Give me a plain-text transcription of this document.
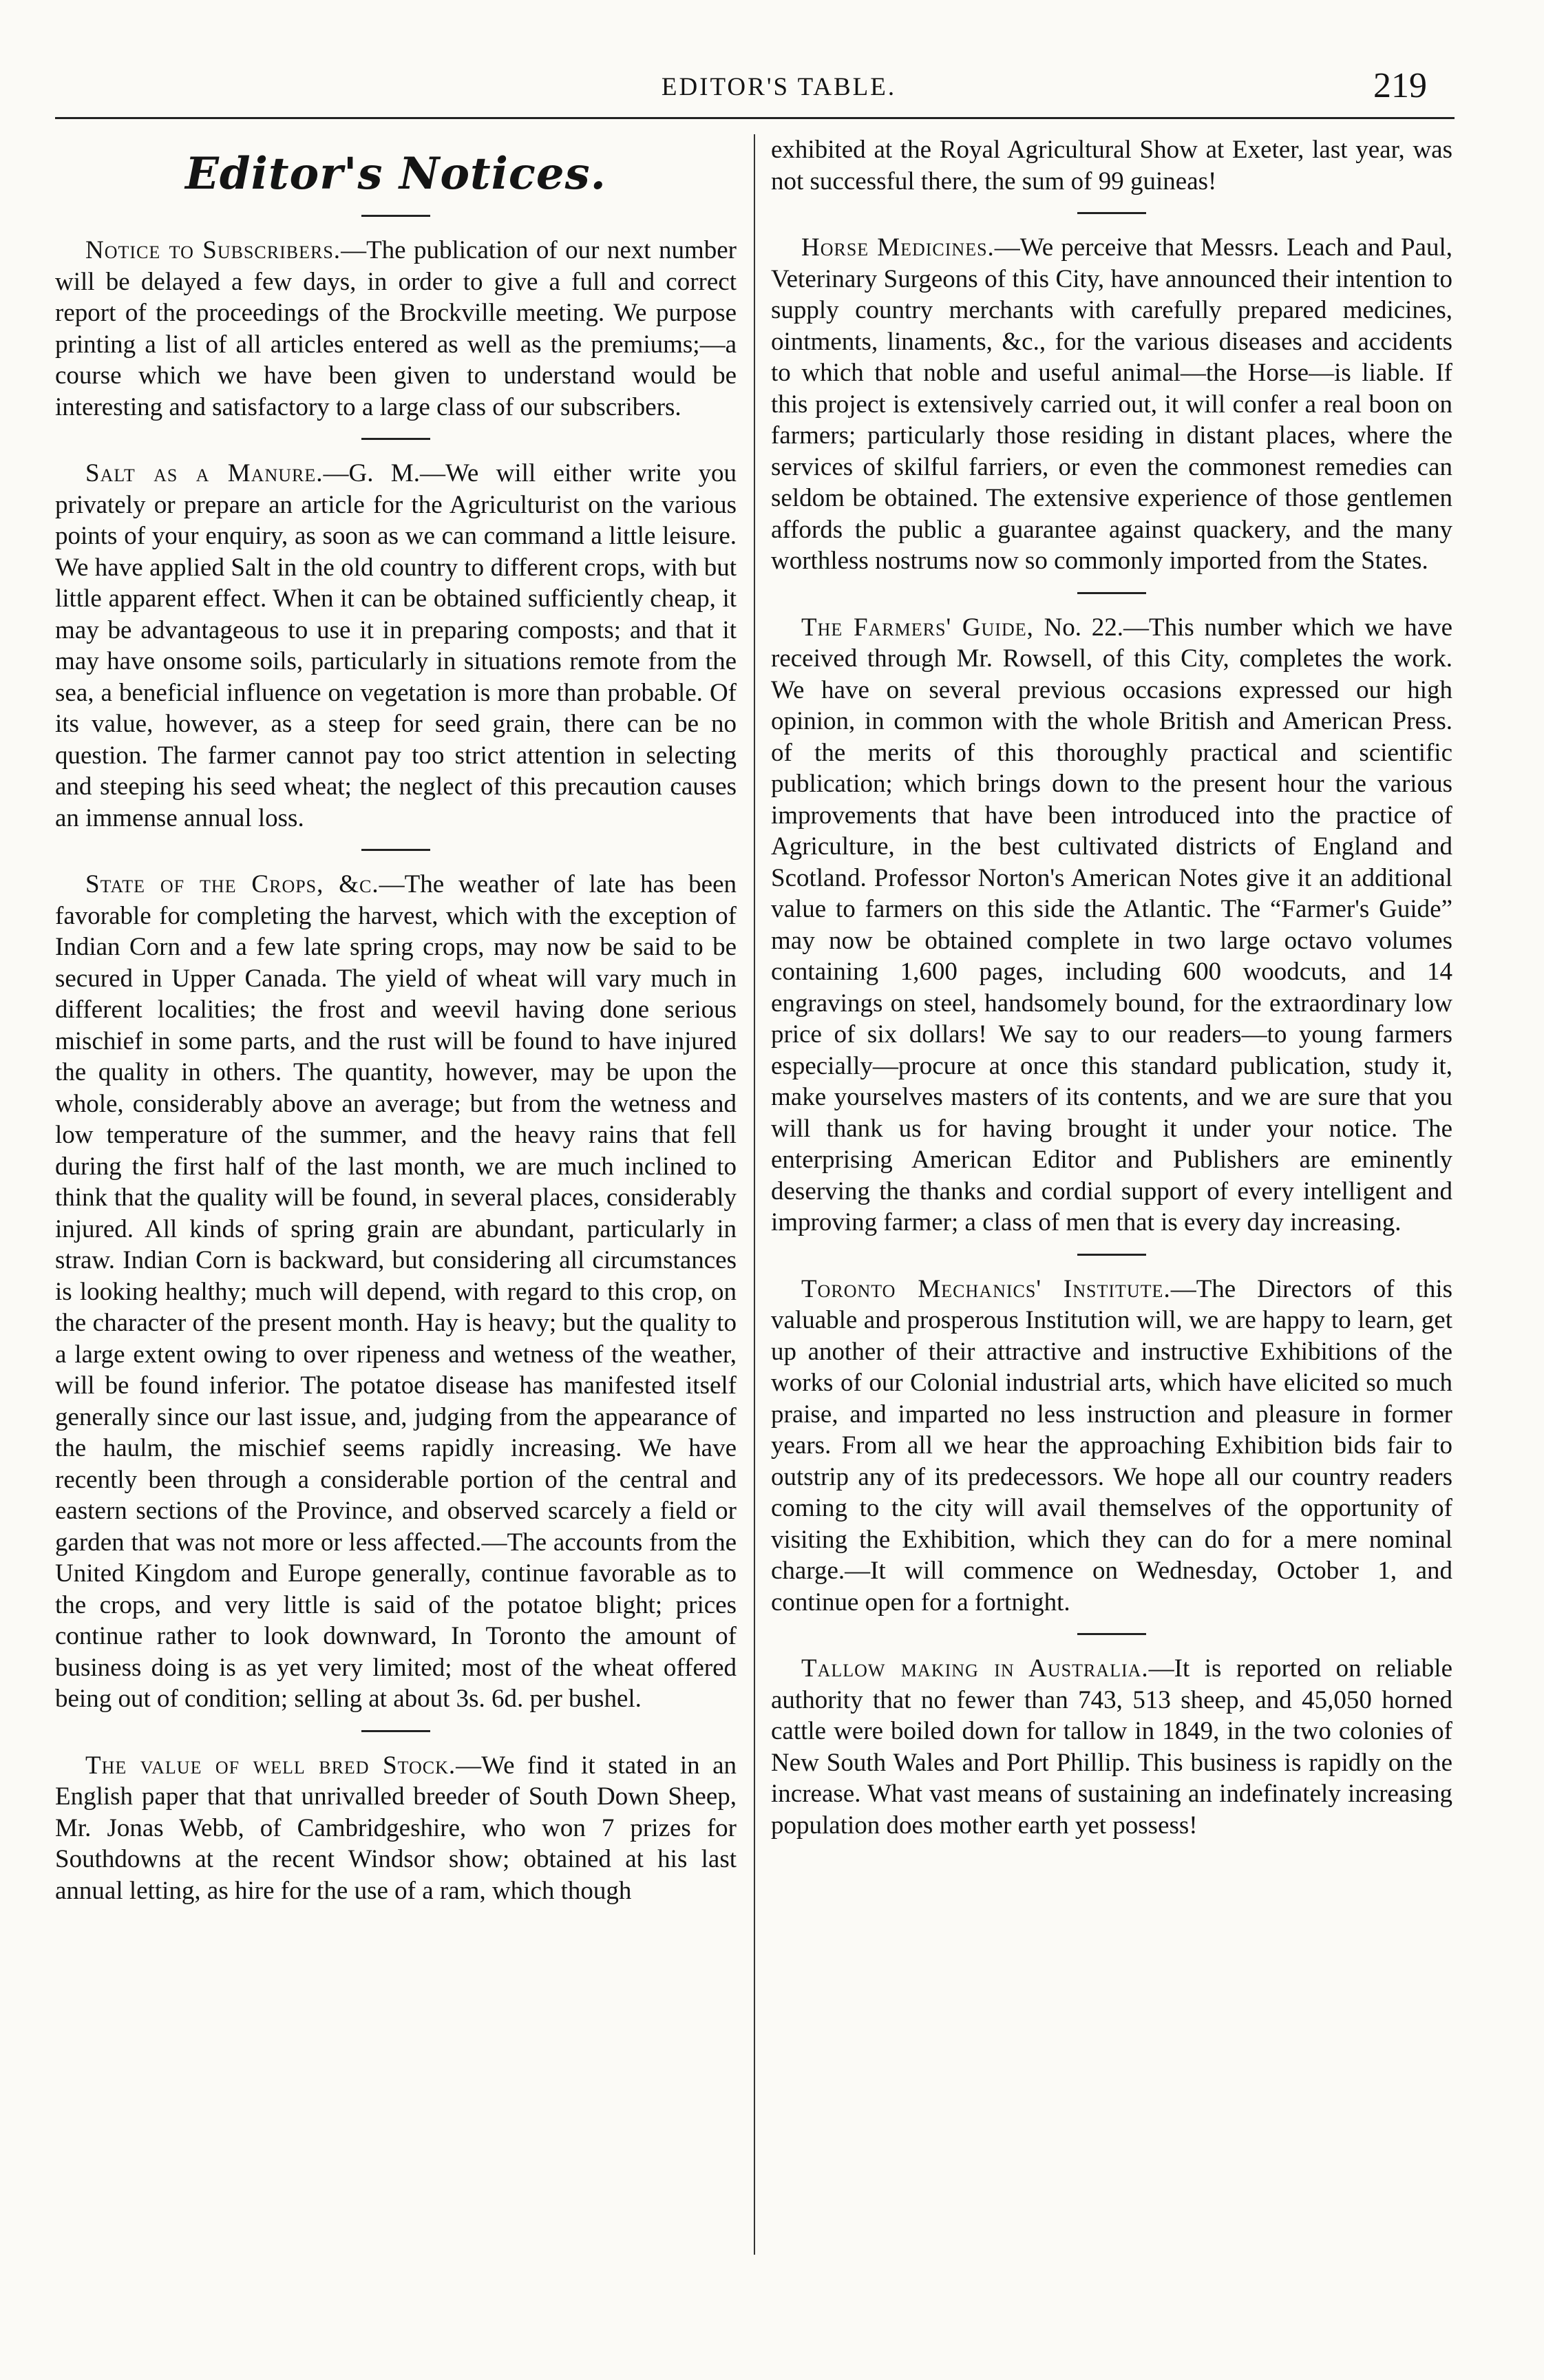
EDITOR'S TABLE.	219
Editor's Notices.

Notice to Subscribers.—The publication of our next number will be delayed a few days, in order to give a full and correct report of the proceedings of the Brockville meeting. We purpose printing a list of all articles entered as well as the premiums;—a course which we have been given to understand would be interesting and satisfactory to a large class of our subscribers.

Salt as a Manure.—G. M.—We will either write you privately or prepare an article for the Agriculturist on the various points of your enquiry, as soon as we can command a little leisure. We have applied Salt in the old country to different crops, with but little apparent effect. When it can be obtained sufficiently cheap, it may be advantageous to use it in preparing composts; and that it may have onsome soils, particularly in situations remote from the sea, a beneficial influence on vegetation is more than probable. Of its value, however, as a steep for seed grain, there can be no question. The farmer cannot pay too strict attention in selecting and steeping his seed wheat; the neglect of this precaution causes an immense annual loss.

State of the Crops, &c.—The weather of late has been favorable for completing the harvest, which with the exception of Indian Corn and a few late spring crops, may now be said to be secured in Upper Canada. The yield of wheat will vary much in different localities; the frost and weevil having done serious mischief in some parts, and the rust will be found to have injured the quality in others. The quantity, however, may be upon the whole, considerably above an average; but from the wetness and low temperature of the summer, and the heavy rains that fell during the first half of the last month, we are much inclined to think that the quality will be found, in several places, considerably injured. All kinds of spring grain are abundant, particularly in straw. Indian Corn is backward, but considering all circumstances is looking healthy; much will depend, with regard to this crop, on the character of the present month. Hay is heavy; but the quality to a large extent owing to over ripeness and wetness of the weather, will be found inferior. The potatoe disease has manifested itself generally since our last issue, and, judging from the appearance of the haulm, the mischief seems rapidly increasing. We have recently been through a considerable portion of the central and eastern sections of the Province, and observed scarcely a field or garden that was not more or less affected.—The accounts from the United Kingdom and Europe generally, continue favorable as to the crops, and very little is said of the potatoe blight; prices continue rather to look downward, In Toronto the amount of business doing is as yet very limited; most of the wheat offered being out of condition; selling at about 3s. 6d. per bushel.

The value of well bred Stock.—We find it stated in an English paper that that unrivalled breeder of South Down Sheep, Mr. Jonas Webb, of Cambridgeshire, who won 7 prizes for Southdowns at the recent Windsor show; obtained at his last annual letting, as hire for the use of a ram, which though

exhibited at the Royal Agricultural Show at Exeter, last year, was not successful there, the sum of 99 guineas!

Horse Medicines.—We perceive that Messrs. Leach and Paul, Veterinary Surgeons of this City, have announced their intention to supply country merchants with carefully prepared medicines, ointments, linaments, &c., for the various diseases and accidents to which that noble and useful animal—the Horse—is liable. If this project is extensively carried out, it will confer a real boon on farmers; particularly those residing in distant places, where the services of skilful farriers, or even the commonest remedies can seldom be obtained. The extensive experience of those gentlemen affords the public a guarantee against quackery, and the many worthless nostrums now so commonly imported from the States.

The Farmers' Guide, No. 22.—This number which we have received through Mr. Rowsell, of this City, completes the work. We have on several previous occasions expressed our high opinion, in common with the whole British and American Press. of the merits of this thoroughly practical and scientific publication; which brings down to the present hour the various improvements that have been introduced into the practice of Agriculture, in the best cultivated districts of England and Scotland. Professor Norton's American Notes give it an additional value to farmers on this side the Atlantic. The “Farmer's Guide” may now be obtained complete in two large octavo volumes containing 1,600 pages, including 600 woodcuts, and 14 engravings on steel, handsomely bound, for the extraordinary low price of six dollars! We say to our readers—to young farmers especially—procure at once this standard publication, study it, make yourselves masters of its contents, and we are sure that you will thank us for having brought it under your notice. The enterprising American Editor and Publishers are eminently deserving the thanks and cordial support of every intelligent and improving farmer; a class of men that is every day increasing.

Toronto Mechanics' Institute.—The Directors of this valuable and prosperous Institution will, we are happy to learn, get up another of their attractive and instructive Exhibitions of the works of our Colonial industrial arts, which have elicited so much praise, and imparted no less instruction and pleasure in former years. From all we hear the approaching Exhibition bids fair to outstrip any of its predecessors. We hope all our country readers coming to the city will avail themselves of the opportunity of visiting the Exhibition, which they can do for a mere nominal charge.—It will commence on Wednesday, October 1, and continue open for a fortnight.

Tallow making in Australia.—It is reported on reliable authority that no fewer than 743, 513 sheep, and 45,050 horned cattle were boiled down for tallow in 1849, in the two colonies of New South Wales and Port Phillip. This business is rapidly on the increase. What vast means of sustaining an indefinately increasing population does mother earth yet possess!
